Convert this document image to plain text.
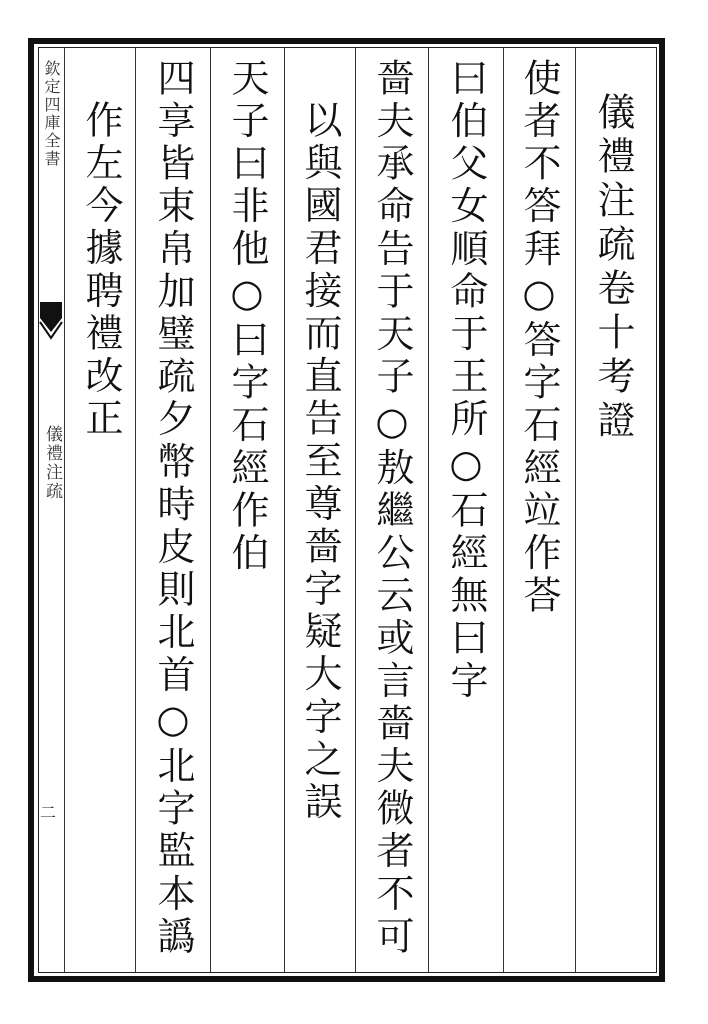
欽定四庫全書
儀禮注疏
二
儀禮注疏卷十考證
使者不答拜○答字石經竝作荅
曰伯父女順命于王所○石經無曰字
嗇夫承命告于天子○敖繼公云或言嗇夫微者不可
以與國君接而直告至尊嗇字疑大字之誤
天子曰非他○曰字石經作伯
四享皆束帛加璧疏夕幣時皮則北首○北字監本譌
作左今據聘禮改正
